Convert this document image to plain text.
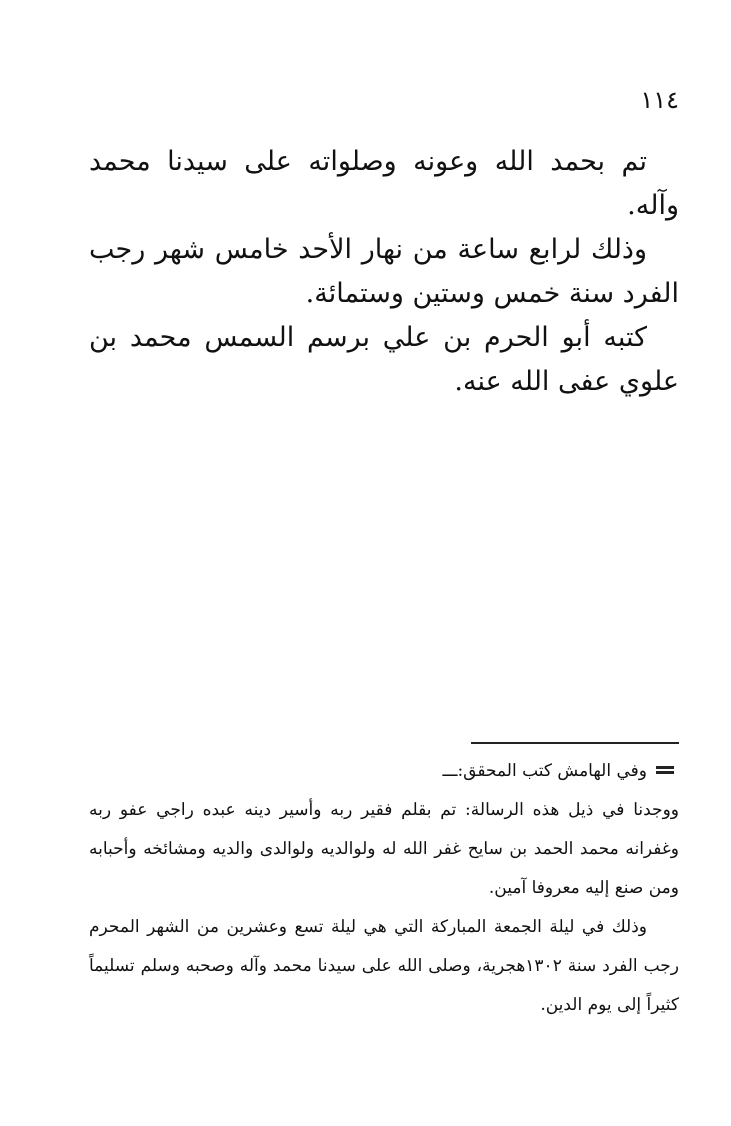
١١٤

تم بحمد الله وعونه وصلواته على سيدنا محمد وآله.

وذلك لرابع ساعة من نهار الأحد خامس شهر رجب الفرد سنة خمس وستين وستمائة.

كتبه أبو الحرم بن علي برسم السمس محمد بن علوي عفى الله عنه.

وفي الهامش كتب المحقق:ـــ

ووجدنا في ذيل هذه الرسالة: تم بقلم فقير ربه وأسير دينه عبده راجي عفو ربه وغفرانه محمد الحمد بن سايح غفر الله له ولوالديه ولوالدى والديه ومشائخه وأحبابه ومن صنع إليه معروفا آمين.

وذلك في ليلة الجمعة المباركة التي هي ليلة تسع وعشرين من الشهر المحرم رجب الفرد سنة ١٣٠٢هجرية، وصلى الله على سيدنا محمد وآله وصحبه وسلم تسليماً كثيراً إلى يوم الدين.
